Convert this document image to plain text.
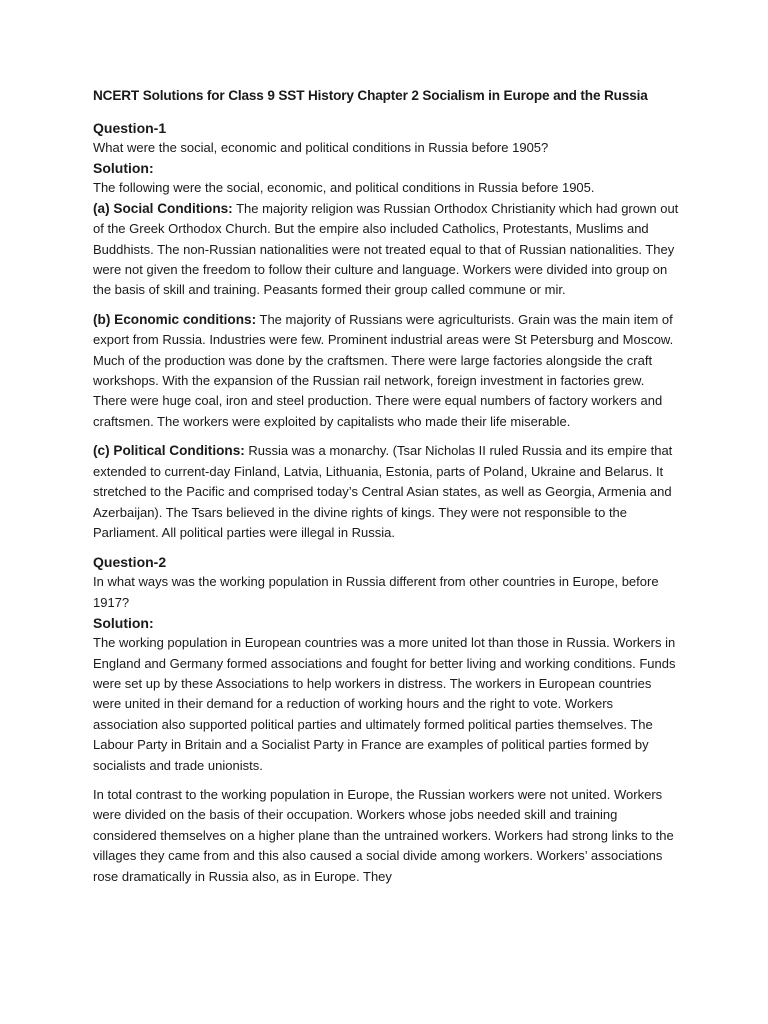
NCERT Solutions for Class 9 SST History Chapter 2 Socialism in Europe and the Russia
Question-1
What were the social, economic and political conditions in Russia before 1905?
Solution:
The following were the social, economic, and political conditions in Russia before 1905.
(a) Social Conditions: The majority religion was Russian Orthodox Christianity which had grown out of the Greek Orthodox Church. But the empire also included Catholics, Protestants, Muslims and Buddhists. The non-Russian nationalities were not treated equal to that of Russian nationalities. They were not given the freedom to follow their culture and language. Workers were divided into group on the basis of skill and training. Peasants formed their group called commune or mir.
(b) Economic conditions: The majority of Russians were agriculturists. Grain was the main item of export from Russia. Industries were few. Prominent industrial areas were St Petersburg and Moscow. Much of the production was done by the craftsmen. There were large factories alongside the craft workshops. With the expansion of the Russian rail network, foreign investment in factories grew. There were huge coal, iron and steel production. There were equal numbers of factory workers and craftsmen. The workers were exploited by capitalists who made their life miserable.
(c) Political Conditions: Russia was a monarchy. (Tsar Nicholas II ruled Russia and its empire that extended to current-day Finland, Latvia, Lithuania, Estonia, parts of Poland, Ukraine and Belarus. It stretched to the Pacific and comprised today’s Central Asian states, as well as Georgia, Armenia and Azerbaijan). The Tsars believed in the divine rights of kings. They were not responsible to the Parliament. All political parties were illegal in Russia.
Question-2
In what ways was the working population in Russia different from other countries in Europe, before 1917?
Solution:
The working population in European countries was a more united lot than those in Russia. Workers in England and Germany formed associations and fought for better living and working conditions. Funds were set up by these Associations to help workers in distress. The workers in European countries were united in their demand for a reduction of working hours and the right to vote. Workers association also supported political parties and ultimately formed political parties themselves. The Labour Party in Britain and a Socialist Party in France are examples of political parties formed by socialists and trade unionists.
In total contrast to the working population in Europe, the Russian workers were not united. Workers were divided on the basis of their occupation. Workers whose jobs needed skill and training considered themselves on a higher plane than the untrained workers. Workers had strong links to the villages they came from and this also caused a social divide among workers. Workers’ associations rose dramatically in Russia also, as in Europe. They
